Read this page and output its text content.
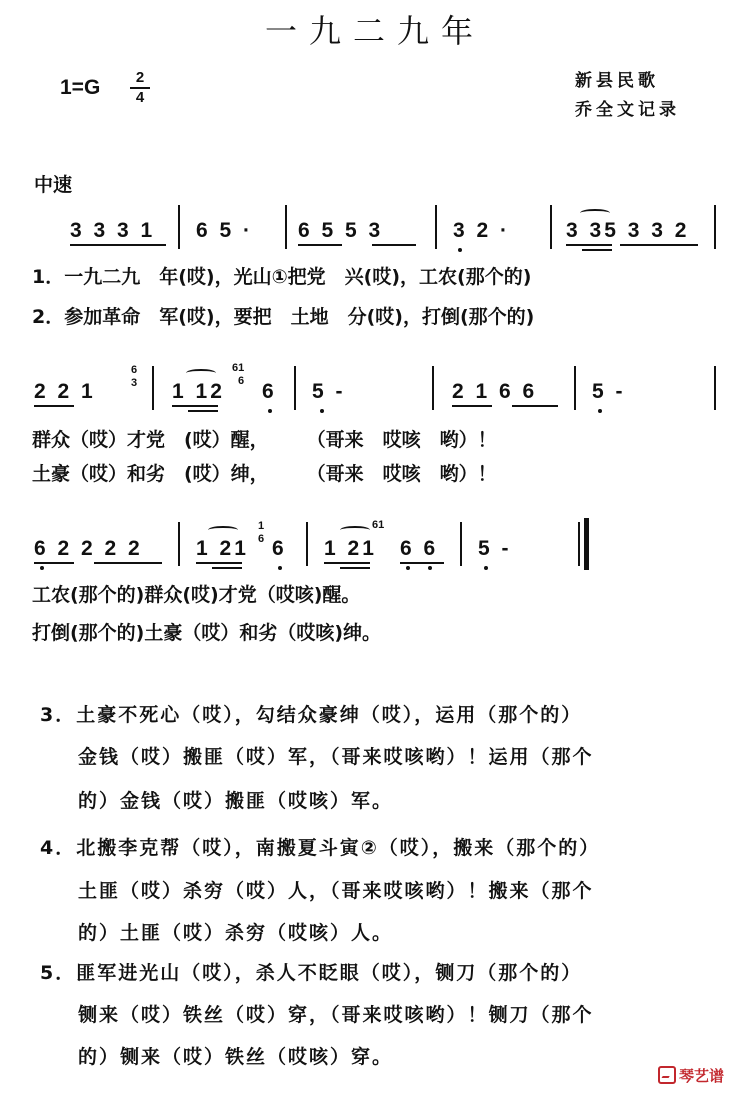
一九二九年
1=G	2
4
新县民歌
乔全文记录
中速
3 3 3 1 6 5 · 6 5 5 3	3 2 ·	3 35 3 3 2
1．一九二九　年(哎)，光山①把党　兴(哎)，工农(那个的)
2．参加革命　军(哎)，要把　土地　分(哎)，打倒(那个的)
2 2 1
6
3 1 12
61
6 6 5 -	2 1 6 6	5 -
群众（哎）才党　(哎）醒，　　　（哥来　哎咳　哟）！
土豪（哎）和劣　(哎）绅，　　　（哥来　哎咳　哟）！
6 2 2 2 2	1 21
1
6 6 1 21
61
6 6 5 -
工农(那个的)群众(哎)才党（哎咳)醒。
打倒(那个的)土豪（哎）和劣（哎咳)绅。
3．土豪不死心（哎），勾结众豪绅（哎），运用（那个的）
金钱（哎）搬匪（哎）军，（哥来哎咳哟）！运用（那个
的）金钱（哎）搬匪（哎咳）军。
4．北搬李克帮（哎），南搬夏斗寅②（哎），搬来（那个的）
土匪（哎）杀穷（哎）人，（哥来哎咳哟）！搬来（那个
的）土匪（哎）杀穷（哎咳）人。
5．匪军进光山（哎），杀人不眨眼（哎），铡刀（那个的）
铡来（哎）铁丝（哎）穿，（哥来哎咳哟）！铡刀（那个
的）铡来（哎）铁丝（哎咳）穿。
琴艺谱
